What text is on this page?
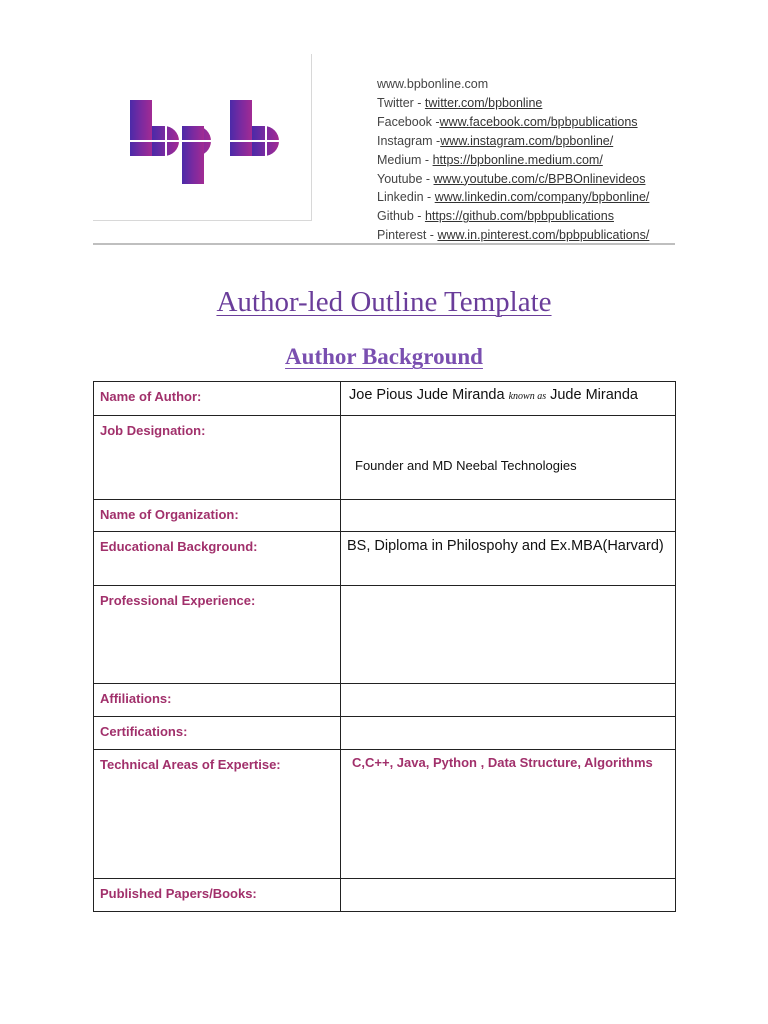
www.bpbonline.com
Twitter - twitter.com/bpbonline
Facebook -www.facebook.com/bpbpublications
Instagram -www.instagram.com/bpbonline/
Medium - https://bpbonline.medium.com/
Youtube - www.youtube.com/c/BPBOnlinevideos
Linkedin - www.linkedin.com/company/bpbonline/
Github - https://github.com/bpbpublications
Pinterest - www.in.pinterest.com/bpbpublications/
Author-led Outline Template
Author Background
Name of Author:	Joe Pious Jude Miranda known as Jude Miranda
Job Designation:	Founder and MD Neebal Technologies

Name of Organization:	
Educational Background:	BS, Diploma in Philospohy and Ex.MBA(Harvard)
Professional Experience:	
Affiliations:	
Certifications:	
Technical Areas of Expertise:	C,C++, Java, Python , Data Structure, Algorithms
Published Papers/Books:	
